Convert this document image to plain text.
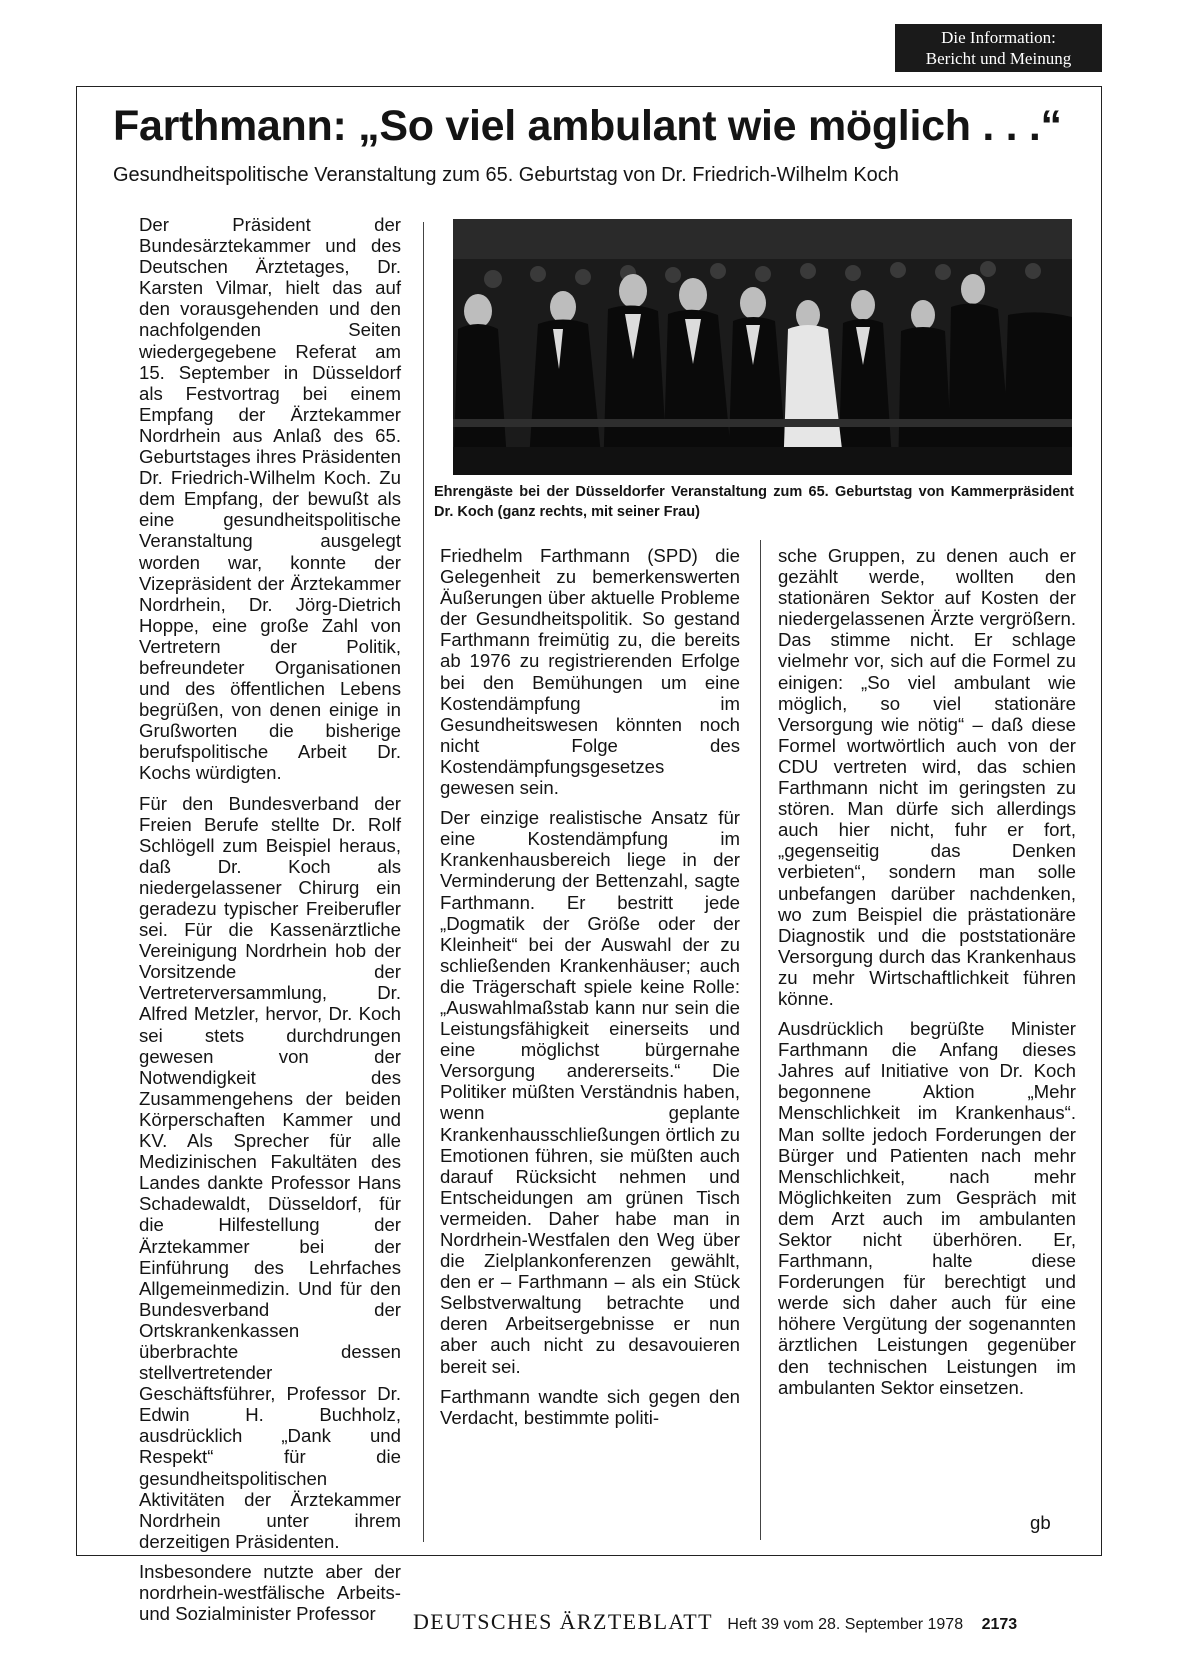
Die Information:
Bericht und Meinung
Farthmann: „So viel ambulant wie möglich . . .“
Gesundheitspolitische Veranstaltung zum 65. Geburtstag von Dr. Friedrich-Wilhelm Koch

Der Präsident der Bundesärztekammer und des Deutschen Ärztetages, Dr. Karsten Vilmar, hielt das auf den vorausgehenden und den nachfolgenden Seiten wiedergegebene Referat am 15. September in Düsseldorf als Festvortrag bei einem Empfang der Ärztekammer Nordrhein aus Anlaß des 65. Geburtstages ihres Präsidenten Dr. Friedrich-Wilhelm Koch. Zu dem Empfang, der bewußt als eine gesundheitspolitische Veranstaltung ausgelegt worden war, konnte der Vizepräsident der Ärztekammer Nordrhein, Dr. Jörg-Dietrich Hoppe, eine große Zahl von Vertretern der Politik, befreundeter Organisationen und des öffentlichen Lebens begrüßen, von denen einige in Grußworten die bisherige berufspolitische Arbeit Dr. Kochs würdigten.

Für den Bundesverband der Freien Berufe stellte Dr. Rolf Schlögell zum Beispiel heraus, daß Dr. Koch als niedergelassener Chirurg ein geradezu typischer Freiberufler sei. Für die Kassenärztliche Vereinigung Nordrhein hob der Vorsitzende der Vertreterversammlung, Dr. Alfred Metzler, hervor, Dr. Koch sei stets durchdrungen gewesen von der Notwendigkeit des Zusammengehens der beiden Körperschaften Kammer und KV. Als Sprecher für alle Medizinischen Fakultäten des Landes dankte Professor Hans Schadewaldt, Düsseldorf, für die Hilfestellung der Ärztekammer bei der Einführung des Lehrfaches Allgemeinmedizin. Und für den Bundesverband der Ortskrankenkassen überbrachte dessen stellvertretender Geschäftsführer, Professor Dr. Edwin H. Buchholz, ausdrücklich „Dank und Respekt“ für die gesundheitspolitischen Aktivitäten der Ärztekammer Nordrhein unter ihrem derzeitigen Präsidenten.

Insbesondere nutzte aber der nordrhein-westfälische Arbeits- und Sozialminister Professor

Ehrengäste bei der Düsseldorfer Veranstaltung zum 65. Geburtstag von Kammerpräsident Dr. Koch (ganz rechts, mit seiner Frau)

Friedhelm Farthmann (SPD) die Gelegenheit zu bemerkenswerten Äußerungen über aktuelle Probleme der Gesundheitspolitik. So gestand Farthmann freimütig zu, die bereits ab 1976 zu registrierenden Erfolge bei den Bemühungen um eine Kostendämpfung im Gesundheitswesen könnten noch nicht Folge des Kostendämpfungsgesetzes gewesen sein.

Der einzige realistische Ansatz für eine Kostendämpfung im Krankenhausbereich liege in der Verminderung der Bettenzahl, sagte Farthmann. Er bestritt jede „Dogmatik der Größe oder der Kleinheit“ bei der Auswahl der zu schließenden Krankenhäuser; auch die Trägerschaft spiele keine Rolle: „Auswahlmaßstab kann nur sein die Leistungsfähigkeit einerseits und eine möglichst bürgernahe Versorgung andererseits.“ Die Politiker müßten Verständnis haben, wenn geplante Krankenhausschließungen örtlich zu Emotionen führen, sie müßten auch darauf Rücksicht nehmen und Entscheidungen am grünen Tisch vermeiden. Daher habe man in Nordrhein-Westfalen den Weg über die Zielplankonferenzen gewählt, den er – Farthmann – als ein Stück Selbstverwaltung betrachte und deren Arbeitsergebnisse er nun aber auch nicht zu desavouieren bereit sei.

Farthmann wandte sich gegen den Verdacht, bestimmte politi-

sche Gruppen, zu denen auch er gezählt werde, wollten den stationären Sektor auf Kosten der niedergelassenen Ärzte vergrößern. Das stimme nicht. Er schlage vielmehr vor, sich auf die Formel zu einigen: „So viel ambulant wie möglich, so viel stationäre Versorgung wie nötig“ – daß diese Formel wortwörtlich auch von der CDU vertreten wird, das schien Farthmann nicht im geringsten zu stören. Man dürfe sich allerdings auch hier nicht, fuhr er fort, „gegenseitig das Denken verbieten“, sondern man solle unbefangen darüber nachdenken, wo zum Beispiel die prästationäre Diagnostik und die poststationäre Versorgung durch das Krankenhaus zu mehr Wirtschaftlichkeit führen könne.

Ausdrücklich begrüßte Minister Farthmann die Anfang dieses Jahres auf Initiative von Dr. Koch begonnene Aktion „Mehr Menschlichkeit im Krankenhaus“. Man sollte jedoch Forderungen der Bürger und Patienten nach mehr Menschlichkeit, nach mehr Möglichkeiten zum Gespräch mit dem Arzt auch im ambulanten Sektor nicht überhören. Er, Farthmann, halte diese Forderungen für berechtigt und werde sich daher auch für eine höhere Vergütung der sogenannten ärztlichen Leistungen gegenüber den technischen Leistungen im ambulanten Sektor einsetzen.

gb
DEUTSCHES ÄRZTEBLATT Heft 39 vom 28. September 1978 2173
